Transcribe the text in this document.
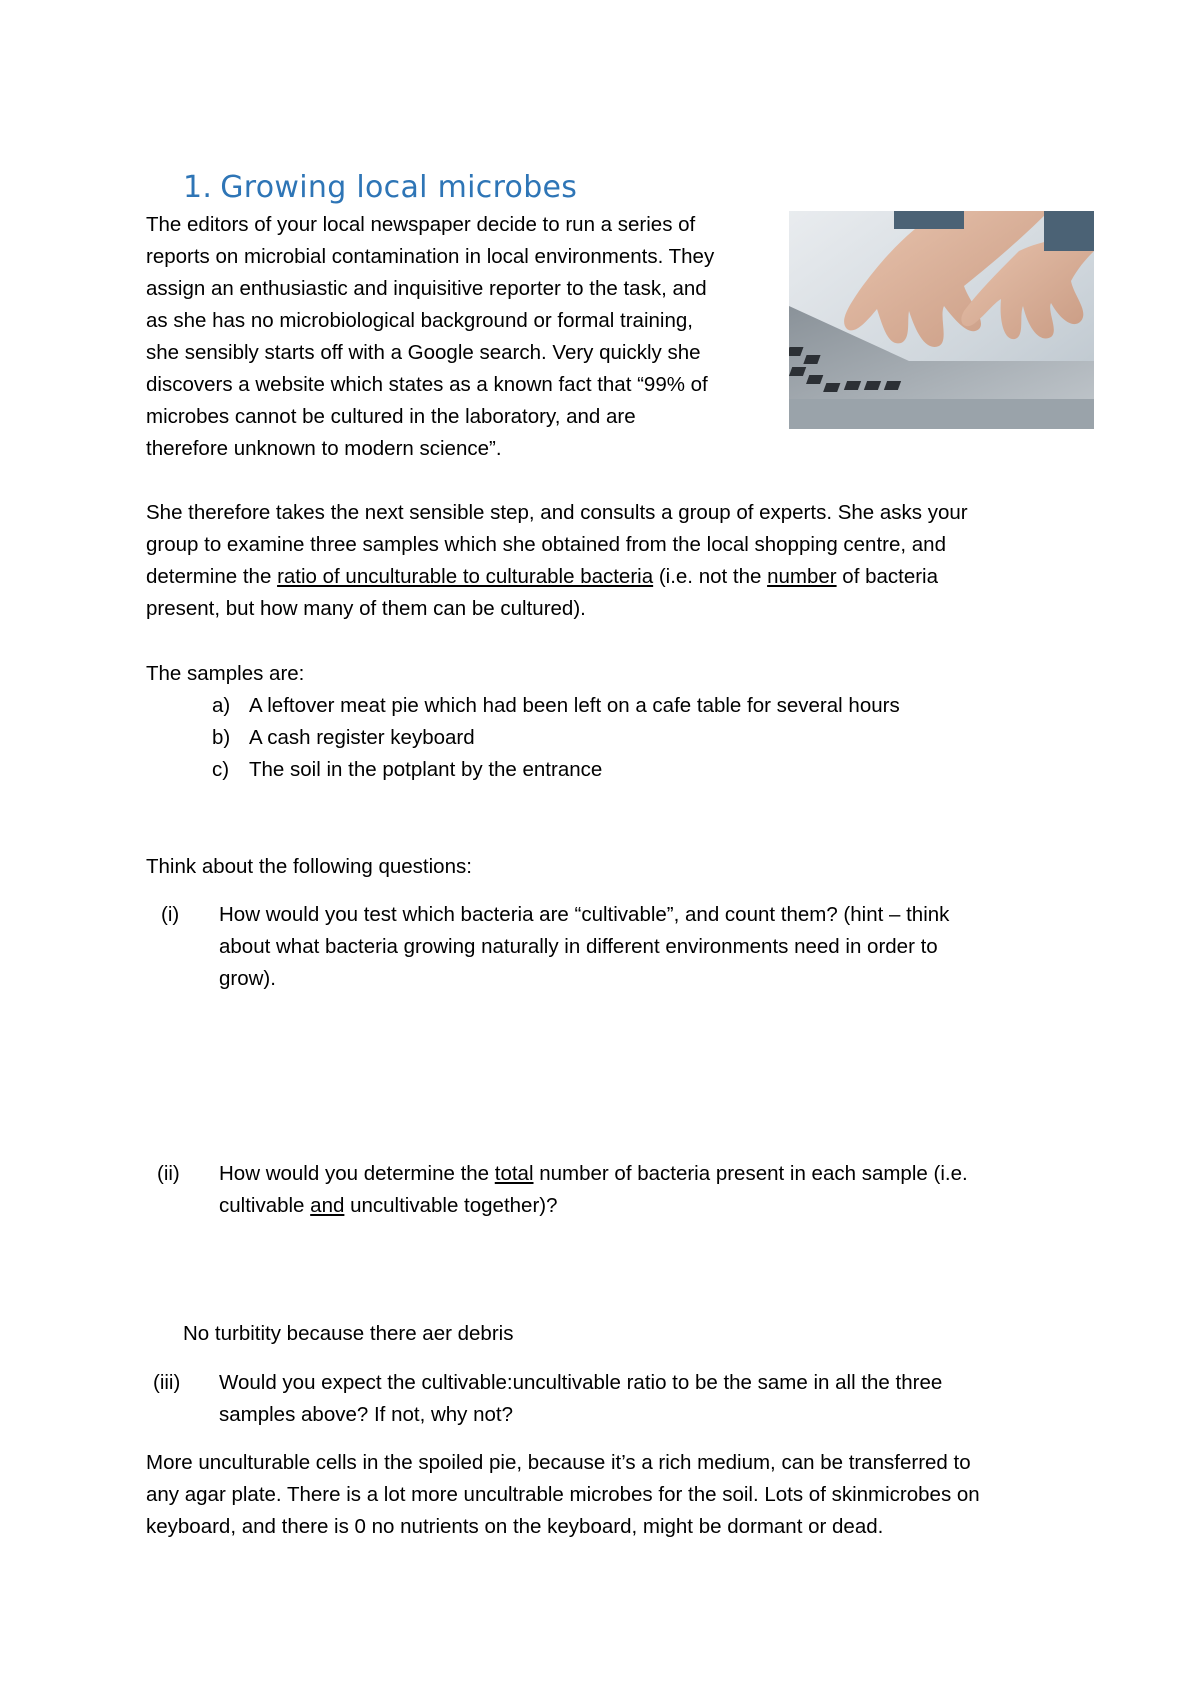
1. Growing local microbes
The editors of your local newspaper decide to run a series of
reports on microbial contamination in local environments. They
assign an enthusiastic and inquisitive reporter to the task, and
as she has no microbiological background or formal training,
she sensibly starts off with a Google search. Very quickly she
discovers a website which states as a known fact that “99% of
microbes cannot be cultured in the laboratory, and are
therefore unknown to modern science”.
She therefore takes the next sensible step, and consults a group of experts. She asks your
group to examine three samples which she obtained from the local shopping centre, and
determine the ratio of unculturable to culturable bacteria (i.e. not the number of bacteria
present, but how many of them can be cultured).
The samples are:
a) A leftover meat pie which had been left on a cafe table for several hours
b) A cash register keyboard
c) The soil in the potplant by the entrance
Think about the following questions:
(i) How would you test which bacteria are “cultivable”, and count them? (hint – think
about what bacteria growing naturally in different environments need in order to
grow).
(ii) How would you determine the total number of bacteria present in each sample (i.e.
cultivable and uncultivable together)?
No turbitity because there aer debris
(iii) Would you expect the cultivable:uncultivable ratio to be the same in all the three
samples above? If not, why not?
More unculturable cells in the spoiled pie, because it’s a rich medium, can be transferred to
any agar plate. There is a lot more uncultrable microbes for the soil. Lots of skinmicrobes on
keyboard, and there is 0 no nutrients on the keyboard, might be dormant or dead.
